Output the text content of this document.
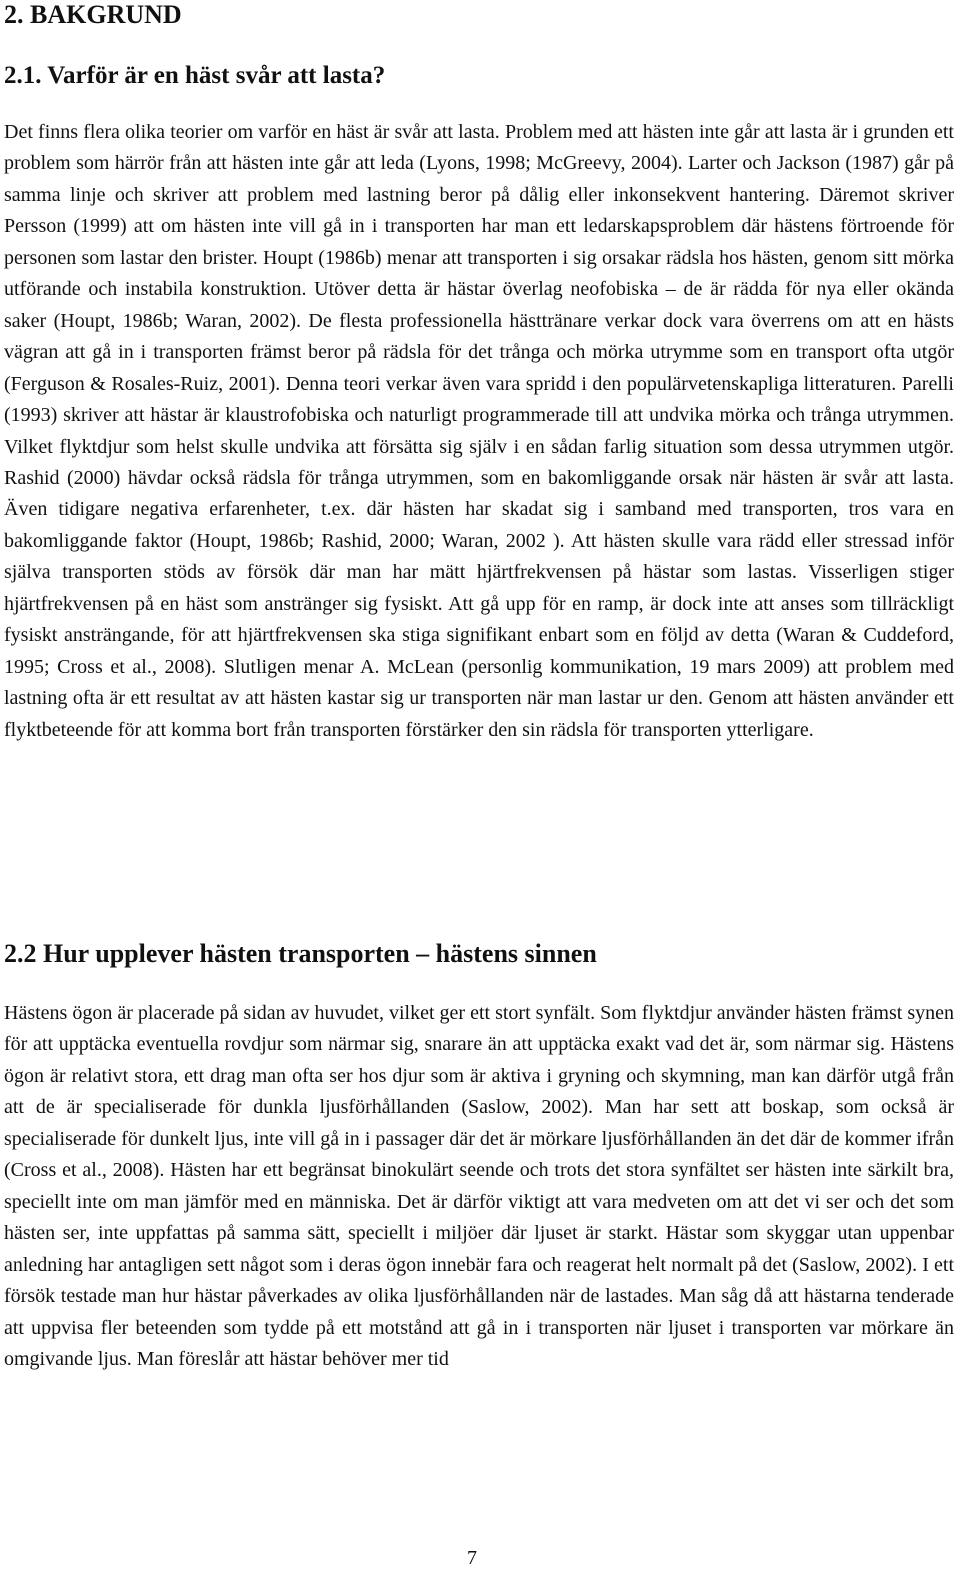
2. BAKGRUND
2.1. Varför är en häst svår att lasta?

Det finns flera olika teorier om varför en häst är svår att lasta. Problem med att hästen inte går att lasta är i grunden ett problem som härrör från att hästen inte går att leda (Lyons, 1998; McGreevy, 2004). Larter och Jackson (1987) går på samma linje och skriver att problem med lastning beror på dålig eller inkonsekvent hantering. Däremot skriver Persson (1999) att om hästen inte vill gå in i transporten har man ett ledarskapsproblem där hästens förtroende för personen som lastar den brister. Houpt (1986b) menar att transporten i sig orsakar rädsla hos hästen, genom sitt mörka utförande och instabila konstruktion. Utöver detta är hästar överlag neofobiska – de är rädda för nya eller okända saker (Houpt, 1986b; Waran, 2002). De flesta professionella hästtränare verkar dock vara överrens om att en hästs vägran att gå in i transporten främst beror på rädsla för det trånga och mörka utrymme som en transport ofta utgör (Ferguson & Rosales-Ruiz, 2001). Denna teori verkar även vara spridd i den populärvetenskapliga litteraturen. Parelli (1993) skriver att hästar är klaustrofobiska och naturligt programmerade till att undvika mörka och trånga utrymmen. Vilket flyktdjur som helst skulle undvika att försätta sig själv i en sådan farlig situation som dessa utrymmen utgör. Rashid (2000) hävdar också rädsla för trånga utrymmen, som en bakomliggande orsak när hästen är svår att lasta. Även tidigare negativa erfarenheter, t.ex. där hästen har skadat sig i samband med transporten, tros vara en bakomliggande faktor (Houpt, 1986b; Rashid, 2000; Waran, 2002 ). Att hästen skulle vara rädd eller stressad inför själva transporten stöds av försök där man har mätt hjärtfrekvensen på hästar som lastas. Visserligen stiger hjärtfrekvensen på en häst som anstränger sig fysiskt. Att gå upp för en ramp, är dock inte att anses som tillräckligt fysiskt ansträngande, för att hjärtfrekvensen ska stiga signifikant enbart som en följd av detta (Waran & Cuddeford, 1995; Cross et al., 2008). Slutligen menar A. McLean (personlig kommunikation, 19 mars 2009) att problem med lastning ofta är ett resultat av att hästen kastar sig ur transporten när man lastar ur den. Genom att hästen använder ett flyktbeteende för att komma bort från transporten förstärker den sin rädsla för transporten ytterligare.

2.2 Hur upplever hästen transporten – hästens sinnen

Hästens ögon är placerade på sidan av huvudet, vilket ger ett stort synfält. Som flyktdjur använder hästen främst synen för att upptäcka eventuella rovdjur som närmar sig, snarare än att upptäcka exakt vad det är, som närmar sig. Hästens ögon är relativt stora, ett drag man ofta ser hos djur som är aktiva i gryning och skymning, man kan därför utgå från att de är specialiserade för dunkla ljusförhållanden (Saslow, 2002). Man har sett att boskap, som också är specialiserade för dunkelt ljus, inte vill gå in i passager där det är mörkare ljusförhållanden än det där de kommer ifrån (Cross et al., 2008). Hästen har ett begränsat binokulärt seende och trots det stora synfältet ser hästen inte särkilt bra, speciellt inte om man jämför med en människa. Det är därför viktigt att vara medveten om att det vi ser och det som hästen ser, inte uppfattas på samma sätt, speciellt i miljöer där ljuset är starkt. Hästar som skyggar utan uppenbar anledning har antagligen sett något som i deras ögon innebär fara och reagerat helt normalt på det (Saslow, 2002). I ett försök testade man hur hästar påverkades av olika ljusförhållanden när de lastades. Man såg då att hästarna tenderade att uppvisa fler beteenden som tydde på ett motstånd att gå in i transporten när ljuset i transporten var mörkare än omgivande ljus. Man föreslår att hästar behöver mer tid

7
